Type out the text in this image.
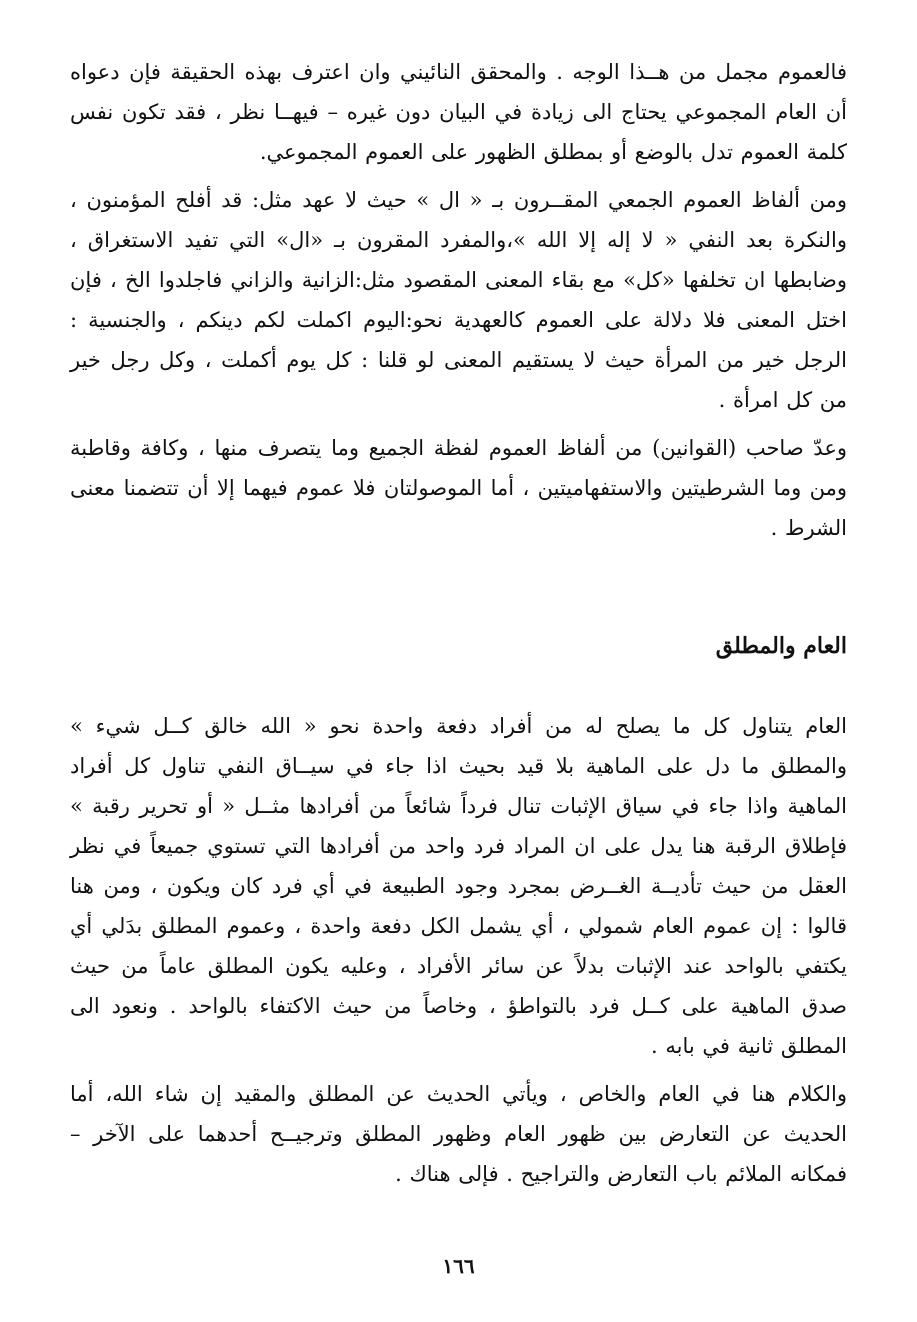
فالعموم مجمل من هــذا الوجه . والمحقق النائيني وان اعترف بهذه الحقيقة فإن دعواه أن العام المجموعي يحتاج الى زيادة في البيان دون غيره – فيهــا نظر ، فقد تكون نفس كلمة العموم تدل بالوضع أو بمطلق الظهور على العموم المجموعي.

ومن ألفاظ العموم الجمعي المقــرون بـ « ال » حيث لا عهد مثل: قد أفلح المؤمنون ، والنكرة بعد النفي « لا إله إلا الله »،والمفرد المقرون بـ «ال» التي تفيد الاستغراق ، وضابطها ان تخلفها «كل» مع بقاء المعنى المقصود مثل:الزانية والزاني فاجلدوا الخ ، فإن اختل المعنى فلا دلالة على العموم كالعهدية نحو:اليوم اكملت لكم دينكم ، والجنسية : الرجل خير من المرأة حيث لا يستقيم المعنى لو قلنا : كل يوم أكملت ، وكل رجل خير من كل امرأة .

وعدّ صاحب (القوانين) من ألفاظ العموم لفظة الجميع وما يتصرف منها ، وكافة وقاطبة ومن وما الشرطيتين والاستفهاميتين ، أما الموصولتان فلا عموم فيهما إلا أن تتضمنا معنى الشرط .

العام والمطلق

العام يتناول كل ما يصلح له من أفراد دفعة واحدة نحو « الله خالق كــل شيء » والمطلق ما دل على الماهية بلا قيد بحيث اذا جاء في سيــاق النفي تناول كل أفراد الماهية واذا جاء في سياق الإثبات تنال فرداً شائعاً من أفرادها مثــل « أو تحرير رقبة » فإطلاق الرقبة هنا يدل على ان المراد فرد واحد من أفرادها التي تستوي جميعاً في نظر العقل من حيث تأديــة الغــرض بمجرد وجود الطبيعة في أي فرد كان ويكون ، ومن هنا قالوا : إن عموم العام شمولي ، أي يشمل الكل دفعة واحدة ، وعموم المطلق بدَلي أي يكتفي بالواحد عند الإثبات بدلاً عن سائر الأفراد ، وعليه يكون المطلق عاماً من حيث صدق الماهية على كــل فرد بالتواطؤ ، وخاصاً من حيث الاكتفاء بالواحد . ونعود الى المطلق ثانية في بابه .

والكلام هنا في العام والخاص ، ويأتي الحديث عن المطلق والمقيد إن شاء الله، أما الحديث عن التعارض بين ظهور العام وظهور المطلق وترجيــح أحدهما على الآخر – فمكانه الملائم باب التعارض والتراجيح . فإلى هناك .

١٦٦
